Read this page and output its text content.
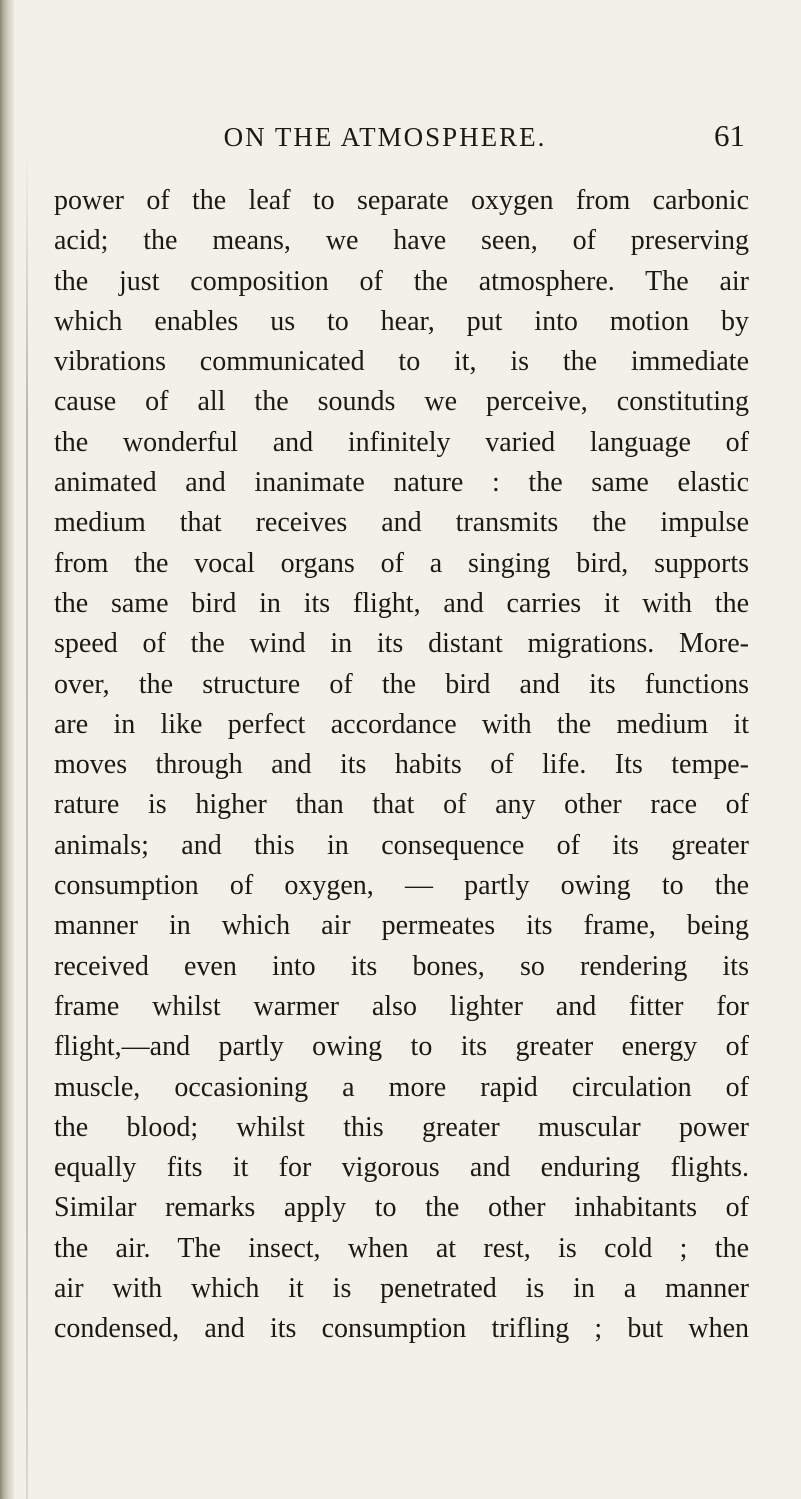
ON THE ATMOSPHERE.	61
power of the leaf to separate oxygen from carbonic
acid; the means, we have seen, of preserving
the just composition of the atmosphere. The air
which enables us to hear, put into motion by
vibrations communicated to it, is the immediate
cause of all the sounds we perceive, constituting
the wonderful and infinitely varied language of
animated and inanimate nature : the same elastic
medium that receives and transmits the impulse
from the vocal organs of a singing bird, supports
the same bird in its flight, and carries it with the
speed of the wind in its distant migrations. More-
over, the structure of the bird and its functions
are in like perfect accordance with the medium it
moves through and its habits of life. Its tempe-
rature is higher than that of any other race of
animals; and this in consequence of its greater
consumption of oxygen, — partly owing to the
manner in which air permeates its frame, being
received even into its bones, so rendering its
frame whilst warmer also lighter and fitter for
flight,—and partly owing to its greater energy of
muscle, occasioning a more rapid circulation of
the blood; whilst this greater muscular power
equally fits it for vigorous and enduring flights.
Similar remarks apply to the other inhabitants of
the air. The insect, when at rest, is cold ; the
air with which it is penetrated is in a manner
condensed, and its consumption trifling ; but when
